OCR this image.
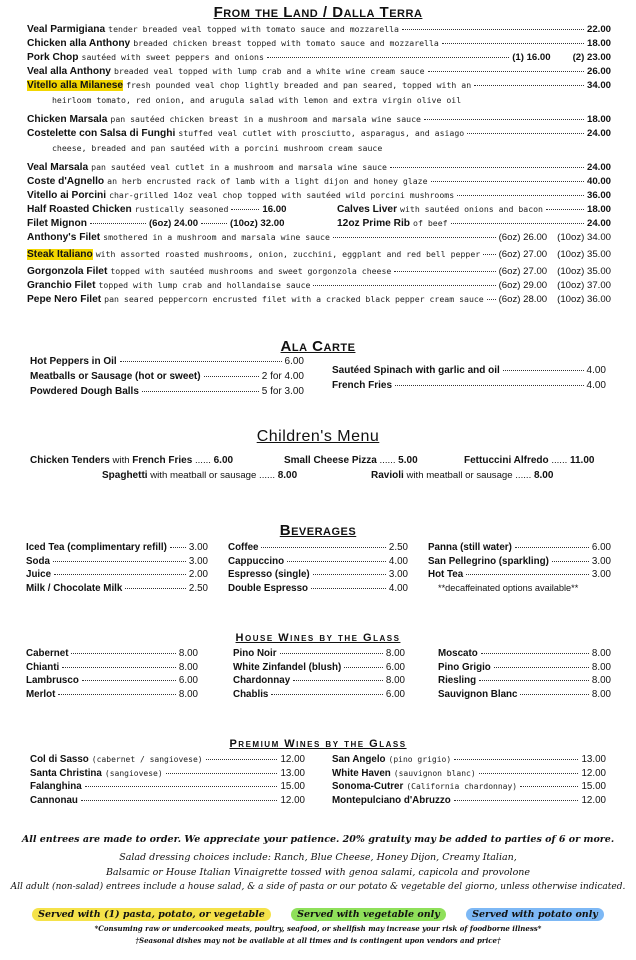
From the Land / Dalla Terra
Veal Parmigiana tender breaded veal topped with tomato sauce and mozzarella	22.00
Chicken alla Anthony breaded chicken breast topped with tomato sauce and mozzarella	18.00
Pork Chop sautéed with sweet peppers and onions	(1) 16.00 (2) 23.00
Veal alla Anthony breaded veal topped with lump crab and a white wine cream sauce	26.00
Vitello alla Milanese fresh pounded veal chop lightly breaded and pan seared, topped with an	34.00
heirloom tomato, red onion, and arugula salad with lemon and extra virgin olive oil
Chicken Marsala pan sautéed chicken breast in a mushroom and marsala wine sauce	18.00
Costelette con Salsa di Funghi stuffed veal cutlet with prosciutto, asparagus, and asiago	24.00
cheese, breaded and pan sautéed with a porcini mushroom cream sauce
Veal Marsala pan sautéed veal cutlet in a mushroom and marsala wine sauce	24.00
Coste d'Agnello an herb encrusted rack of lamb with a light dijon and honey glaze	40.00
Vitello ai Porcini char-grilled 14oz veal chop topped with sautéed wild porcini mushrooms	36.00
Half Roasted Chicken rustically seasoned	16.00	Calves Liver with sautéed onions and bacon	18.00
Filet Mignon	(6oz) 24.00	(10oz) 32.00	12oz Prime Rib of beef	24.00
Anthony's Filet smothered in a mushroom and marsala wine sauce	(6oz) 26.00 (10oz) 34.00
Steak Italiano with assorted roasted mushrooms, onion, zucchini, eggplant and red bell pepper (6oz) 27.00 (10oz) 35.00
Gorgonzola Filet topped with sautéed mushrooms and sweet gorgonzola cheese	(6oz) 27.00 (10oz) 35.00
Granchio Filet topped with lump crab and hollandaise sauce	(6oz) 29.00 (10oz) 37.00
Pepe Nero Filet pan seared peppercorn encrusted filet with a cracked black pepper cream sauce (6oz) 28.00 (10oz) 36.00
Ala Carte
Hot Peppers in Oil	6.00
Meatballs or Sausage (hot or sweet)	2 for 4.00
Powdered Dough Balls	5 for 3.00
Sautéed Spinach with garlic and oil	4.00
French Fries	4.00
Children's Menu
Chicken Tenders with French Fries ...... 6.00	Small Cheese Pizza ...... 5.00	Fettuccini Alfredo ...... 11.00
Spaghetti with meatball or sausage ...... 8.00	Ravioli with meatball or sausage ...... 8.00
Beverages
Iced Tea (complimentary refill) 3.00
Soda	3.00
Juice	2.00
Milk / Chocolate Milk	2.50
Coffee	2.50
Cappuccino	4.00
Espresso (single)	3.00
Double Espresso	4.00
Panna (still water)	6.00
San Pellegrino (sparkling)	3.00
Hot Tea	3.00
**decaffeinated options available**
House Wines by the Glass
Cabernet	8.00
Chianti	8.00
Lambrusco	6.00
Merlot	8.00
Pino Noir	8.00
White Zinfandel (blush)	6.00
Chardonnay	8.00
Chablis	6.00
Moscato	8.00
Pino Grigio	8.00
Riesling	8.00
Sauvignon Blanc	8.00
Premium Wines by the Glass
Col di Sasso (cabernet / sangiovese)	12.00
Santa Christina (sangiovese)	13.00
Falanghina	15.00
Cannonau	12.00
San Angelo (pino grigio)	13.00
White Haven (sauvignon blanc)	12.00
Sonoma-Cutrer (California chardonnay)	15.00
Montepulciano d'Abruzzo	12.00
All entrees are made to order. We appreciate your patience. 20% gratuity may be added to parties of 6 or more.
Salad dressing choices include: Ranch, Blue Cheese, Honey Dijon, Creamy Italian,
Balsamic or House Italian Vinaigrette tossed with genoa salami, capicola and provolone
All adult (non-salad) entrees include a house salad, & a side of pasta or our potato & vegetable del giorno, unless otherwise indicated.
Served with (1) pasta, potato, or vegetable	Served with vegetable only	Served with potato only
*Consuming raw or undercooked meats, poultry, seafood, or shellfish may increase your risk of foodborne illness*
†Seasonal dishes may not be available at all times and is contingent upon vendors and price†
